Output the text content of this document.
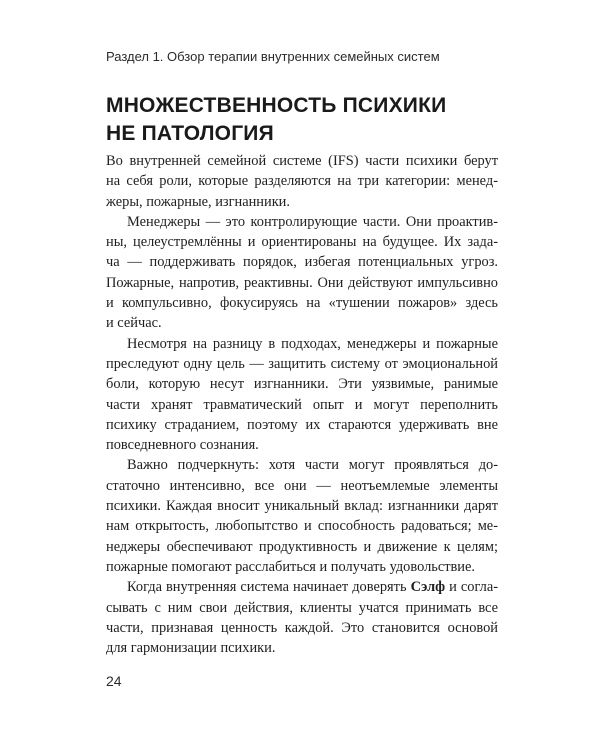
Раздел 1. Обзор терапии внутренних семейных систем
МНОЖЕСТВЕННОСТЬ ПСИХИКИ
НЕ ПАТОЛОГИЯ
Во внутренней семейной системе (IFS) части психики берут
на себя роли, которые разделяются на три категории: менед-
жеры, пожарные, изгнанники.
Менеджеры — это контролирующие части. Они проактив-
ны, целеустремлённы и ориентированы на будущее. Их зада-
ча — поддерживать порядок, избегая потенциальных угроз.
Пожарные, напротив, реактивны. Они действуют импульсивно
и компульсивно, фокусируясь на «тушении пожаров» здесь
и сейчас.
Несмотря на разницу в подходах, менеджеры и пожарные
преследуют одну цель — защитить систему от эмоциональной
боли, которую несут изгнанники. Эти уязвимые, ранимые
части хранят травматический опыт и могут переполнить
психику страданием, поэтому их стараются удерживать вне
повседневного сознания.
Важно подчеркнуть: хотя части могут проявляться до-
статочно интенсивно, все они — неотъемлемые элементы
психики. Каждая вносит уникальный вклад: изгнанники дарят
нам открытость, любопытство и способность радоваться; ме-
неджеры обеспечивают продуктивность и движение к целям;
пожарные помогают расслабиться и получать удовольствие.
Когда внутренняя система начинает доверять Сэлф и согла-
сывать с ним свои действия, клиенты учатся принимать все
части, признавая ценность каждой. Это становится основой
для гармонизации психики.
24
